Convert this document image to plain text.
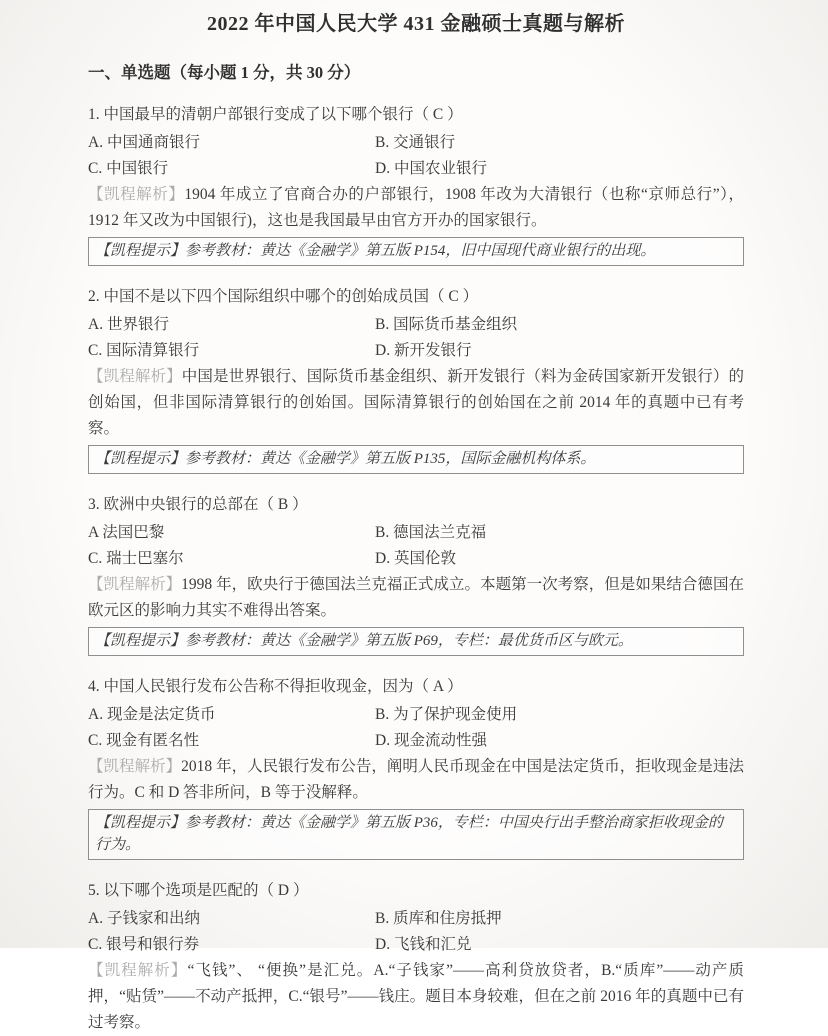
2022 年中国人民大学 431 金融硕士真题与解析
一、单选题（每小题 1 分，共 30 分）

1. 中国最早的清朝户部银行变成了以下哪个银行（ C ）

A. 中国通商银行	B. 交通银行
C. 中国银行	D. 中国农业银行

【凯程解析】1904 年成立了官商合办的户部银行，1908 年改为大清银行（也称“京师总行”），1912 年又改为中国银行)，这也是我国最早由官方开办的国家银行。

【凯程提示】参考教材：黄达《金融学》第五版 P154，旧中国现代商业银行的出现。

2. 中国不是以下四个国际组织中哪个的创始成员国（ C ）

A. 世界银行	B. 国际货币基金组织
C. 国际清算银行	D. 新开发银行

【凯程解析】中国是世界银行、国际货币基金组织、新开发银行（料为金砖国家新开发银行）的创始国，但非国际清算银行的创始国。国际清算银行的创始国在之前 2014 年的真题中已有考察。

【凯程提示】参考教材：黄达《金融学》第五版 P135，国际金融机构体系。

3. 欧洲中央银行的总部在（ B ）

A 法国巴黎	B. 德国法兰克福
C. 瑞士巴塞尔	D. 英国伦敦

【凯程解析】1998 年，欧央行于德国法兰克福正式成立。本题第一次考察，但是如果结合德国在欧元区的影响力其实不难得出答案。

【凯程提示】参考教材：黄达《金融学》第五版 P69，专栏：最优货币区与欧元。

4. 中国人民银行发布公告称不得拒收现金，因为（ A ）

A. 现金是法定货币	B. 为了保护现金使用
C. 现金有匿名性	D. 现金流动性强

【凯程解析】2018 年，人民银行发布公告，阐明人民币现金在中国是法定货币，拒收现金是违法行为。C 和 D 答非所问，B 等于没解释。

【凯程提示】参考教材：黄达《金融学》第五版 P36，专栏：中国央行出手整治商家拒收现金的行为。

5. 以下哪个选项是匹配的（ D ）

A. 子钱家和出纳	B. 质库和住房抵押
C. 银号和银行券	D. 飞钱和汇兑

【凯程解析】“飞钱”、 “便换”是汇兑。A.“子钱家”——高利贷放贷者，B.“质库”——动产质押，“贴赁”——不动产抵押，C.“银号”——钱庄。题目本身较难，但在之前 2016 年的真题中已有过考察。
